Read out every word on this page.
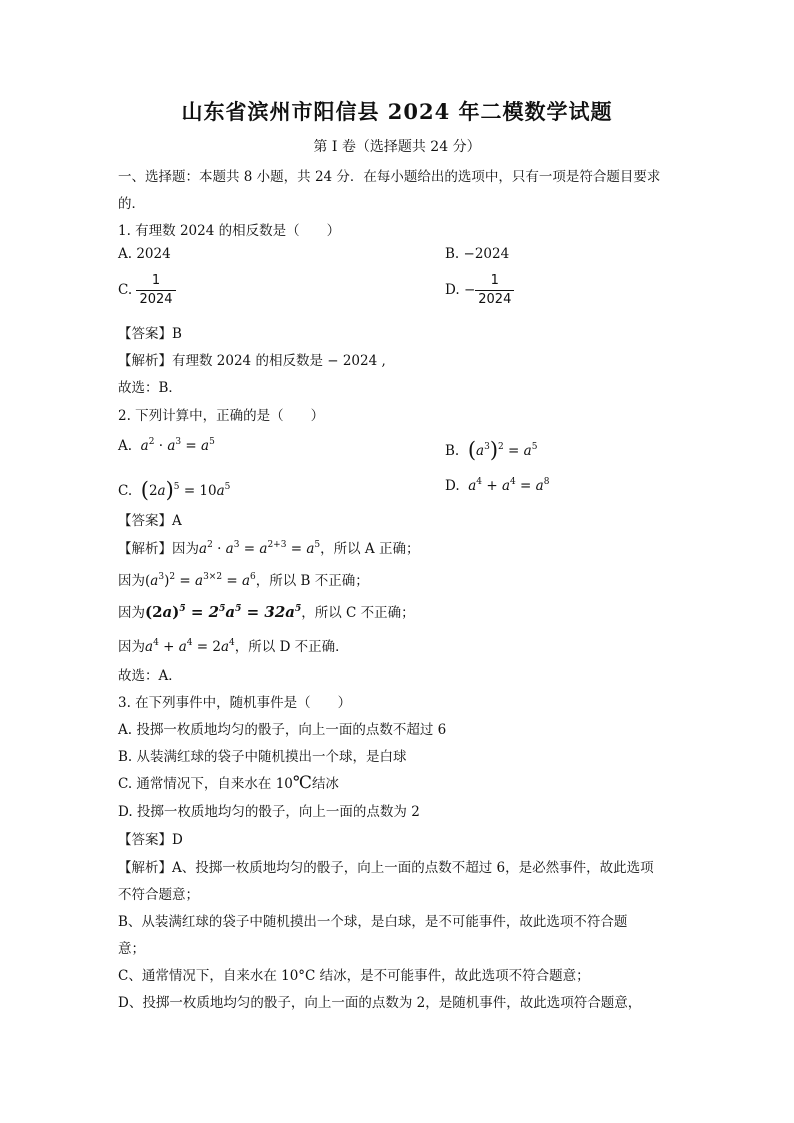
山东省滨州市阳信县 2024 年二模数学试题
第 I 卷（选择题共 24 分）
一、选择题：本题共 8 小题，共 24 分．在每小题给出的选项中，只有一项是符合题目要求
的．
1. 有理数 2024 的相反数是（　　）
A. 2024	B. −2024
C. $\frac{1}{2024}$	D. − $\frac{1}{2024}$
【答案】B
【解析】有理数 2024 的相反数是 − 2024 ,
故选：B．
2. 下列计算中，正确的是（　　）
A. $a^2 \cdot a^3 = a^5$
B. $(a^3)^2 = a^5$
C. $(2a)^5 = 10a^5$	D. $a^4 + a^4 = a^8$
【答案】A
【解析】因为$a^2 \cdot a^3 = a^{2+3} = a^5$，所以 A 正确；
因为$(a^3)^2 = a^{3\times 2} = a^6$，所以 B 不正确；
因为$(2a)^5 = 2^5a^5 = 32a^5$，所以 C 不正确；
因为$a^4 + a^4 = 2a^4$，所以 D 不正确．
故选：A．
3. 在下列事件中，随机事件是（　　）
A. 投掷一枚质地均匀的骰子，向上一面的点数不超过 6
B. 从装满红球的袋子中随机摸出一个球，是白球
C. 通常情况下，自来水在 10℃结冰
D. 投掷一枚质地均匀的骰子，向上一面的点数为 2
【答案】D
【解析】A、投掷一枚质地均匀的骰子，向上一面的点数不超过 6，是必然事件，故此选项
不符合题意；
B、从装满红球的袋子中随机摸出一个球，是白球，是不可能事件，故此选项不符合题
意；
C、通常情况下，自来水在 10°C 结冰，是不可能事件，故此选项不符合题意；
D、投掷一枚质地均匀的骰子，向上一面的点数为 2，是随机事件，故此选项符合题意，
